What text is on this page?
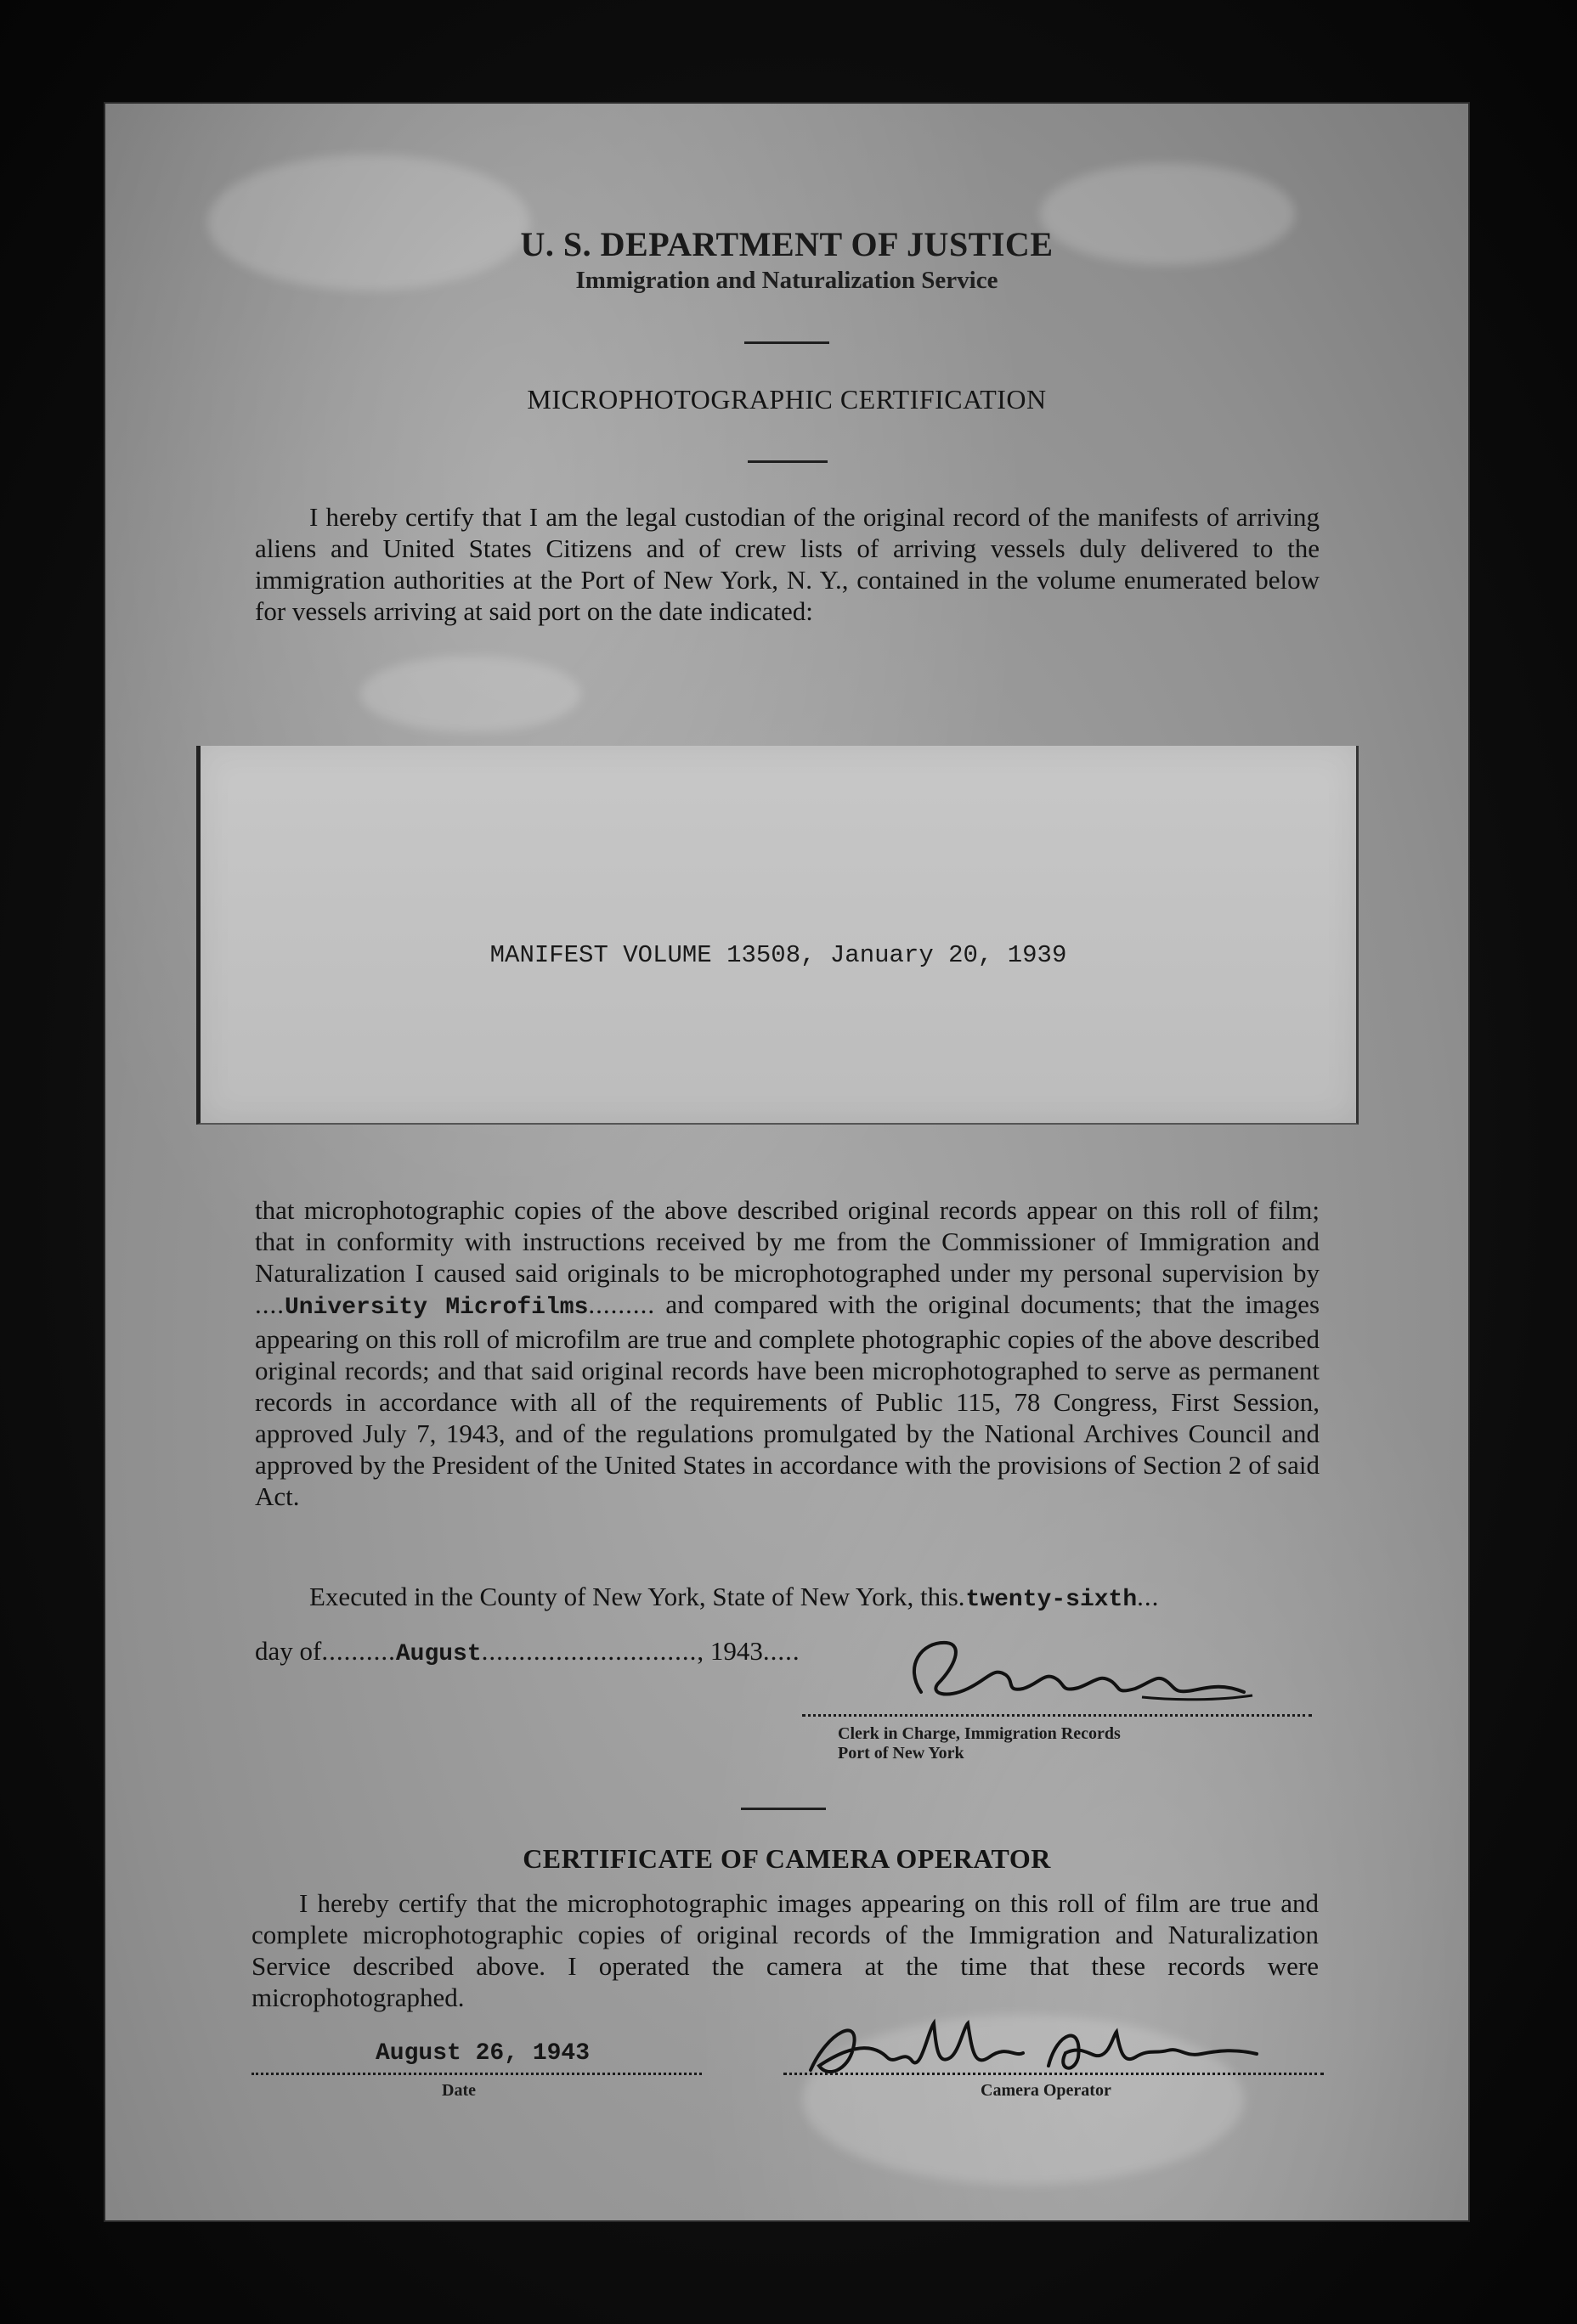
U. S. DEPARTMENT OF JUSTICE
Immigration and Naturalization Service
MICROPHOTOGRAPHIC CERTIFICATION
I hereby certify that I am the legal custodian of the original record of the manifests of arriving aliens and United States Citizens and of crew lists of arriving vessels duly delivered to the immigration authorities at the Port of New York, N. Y., contained in the volume enumerated below for vessels arriving at said port on the date indicated:
MANIFEST VOLUME 13508, January 20, 1939
that microphotographic copies of the above described original records appear on this roll of film; that in conformity with instructions received by me from the Commissioner of Immigration and Naturalization I caused said originals to be microphotographed under my personal supervision by ....University Microfilms......... and compared with the original documents; that the images appearing on this roll of microfilm are true and complete photographic copies of the above described original records; and that said original records have been microphotographed to serve as permanent records in accordance with all of the requirements of Public 115, 78 Congress, First Session, approved July 7, 1943, and of the regulations promulgated by the National Archives Council and approved by the President of the United States in accordance with the provisions of Section 2 of said Act.
Executed in the County of New York, State of New York, this.twenty-sixth...
day of..........August............................., 1943.....
Clerk in Charge, Immigration Records
Port of New York
CERTIFICATE OF CAMERA OPERATOR
I hereby certify that the microphotographic images appearing on this roll of film are true and complete microphotographic copies of original records of the Immigration and Naturalization Service described above. I operated the camera at the time that these records were microphotographed.
August 26, 1943
Date	Camera Operator
